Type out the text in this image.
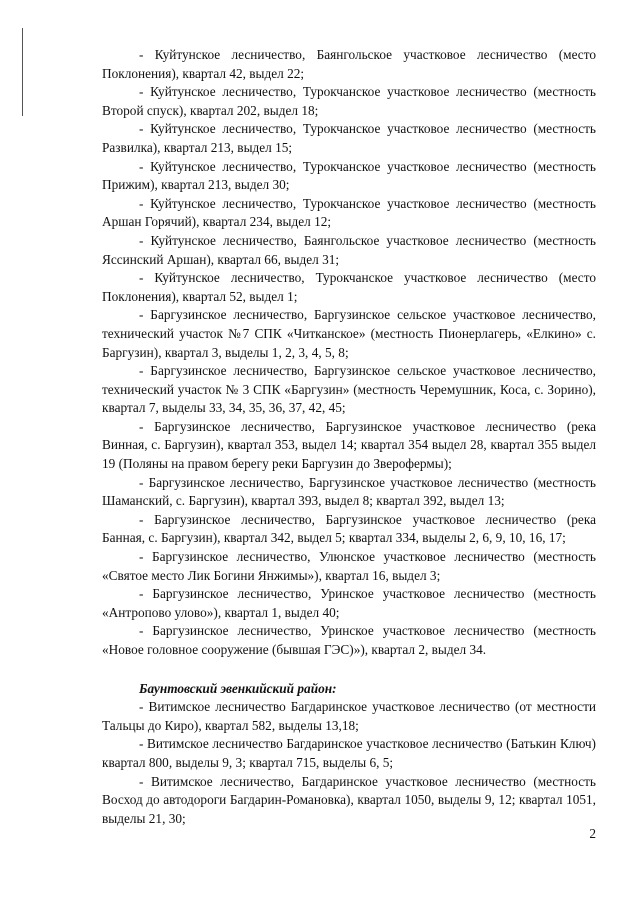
- Куйтунское лесничество, Баянгольское участковое лесничество (место Поклонения), квартал 42, выдел 22;

- Куйтунское лесничество, Турокчанское участковое лесничество (местность Второй спуск), квартал 202, выдел 18;

- Куйтунское лесничество, Турокчанское участковое лесничество (местность Развилка), квартал 213, выдел 15;

- Куйтунское лесничество, Турокчанское участковое лесничество (местность Прижим), квартал 213, выдел 30;

- Куйтунское лесничество, Турокчанское участковое лесничество (местность Аршан Горячий), квартал 234, выдел 12;

- Куйтунское лесничество, Баянгольское участковое лесничество (местность Яссинский Аршан), квартал 66, выдел 31;

- Куйтунское лесничество, Турокчанское участковое лесничество (место Поклонения), квартал 52, выдел 1;

- Баргузинское лесничество, Баргузинское сельское участковое лесничество, технический участок №7 СПК «Читканское» (местность Пионерлагерь, «Елкино» с. Баргузин), квартал 3, выделы 1, 2, 3, 4, 5, 8;

- Баргузинское лесничество, Баргузинское сельское участковое лесничество, технический участок № 3 СПК «Баргузин» (местность Черемушник, Коса, с. Зорино), квартал 7, выделы 33, 34, 35, 36, 37, 42, 45;

- Баргузинское лесничество, Баргузинское участковое лесничество (река Винная, с. Баргузин), квартал 353, выдел 14; квартал 354 выдел 28, квартал 355 выдел 19 (Поляны на правом берегу реки Баргузин до Зверофермы);

- Баргузинское лесничество, Баргузинское участковое лесничество (местность Шаманский, с. Баргузин), квартал 393, выдел 8; квартал 392, выдел 13;

- Баргузинское лесничество, Баргузинское участковое лесничество (река Банная, с. Баргузин), квартал 342, выдел 5; квартал 334, выделы 2, 6, 9, 10, 16, 17;

- Баргузинское лесничество, Улюнское участковое лесничество (местность «Святое место Лик Богини Янжимы»), квартал 16, выдел 3;

- Баргузинское лесничество, Уринское участковое лесничество (местность «Антропово улово»), квартал 1, выдел 40;

- Баргузинское лесничество, Уринское участковое лесничество (местность «Новое головное сооружение (бывшая ГЭС)»), квартал 2, выдел 34.

Баунтовский эвенкийский район:

- Витимское лесничество Багдаринское участковое лесничество (от местности Тальцы до Киро), квартал 582, выделы 13,18;

- Витимское лесничество Багдаринское участковое лесничество (Батькин Ключ) квартал 800, выделы 9, 3; квартал 715, выделы 6, 5;

- Витимское лесничество, Багдаринское участковое лесничество (местность Восход до автодороги Багдарин-Романовка), квартал 1050, выделы 9, 12; квартал 1051, выделы 21, 30;

2
